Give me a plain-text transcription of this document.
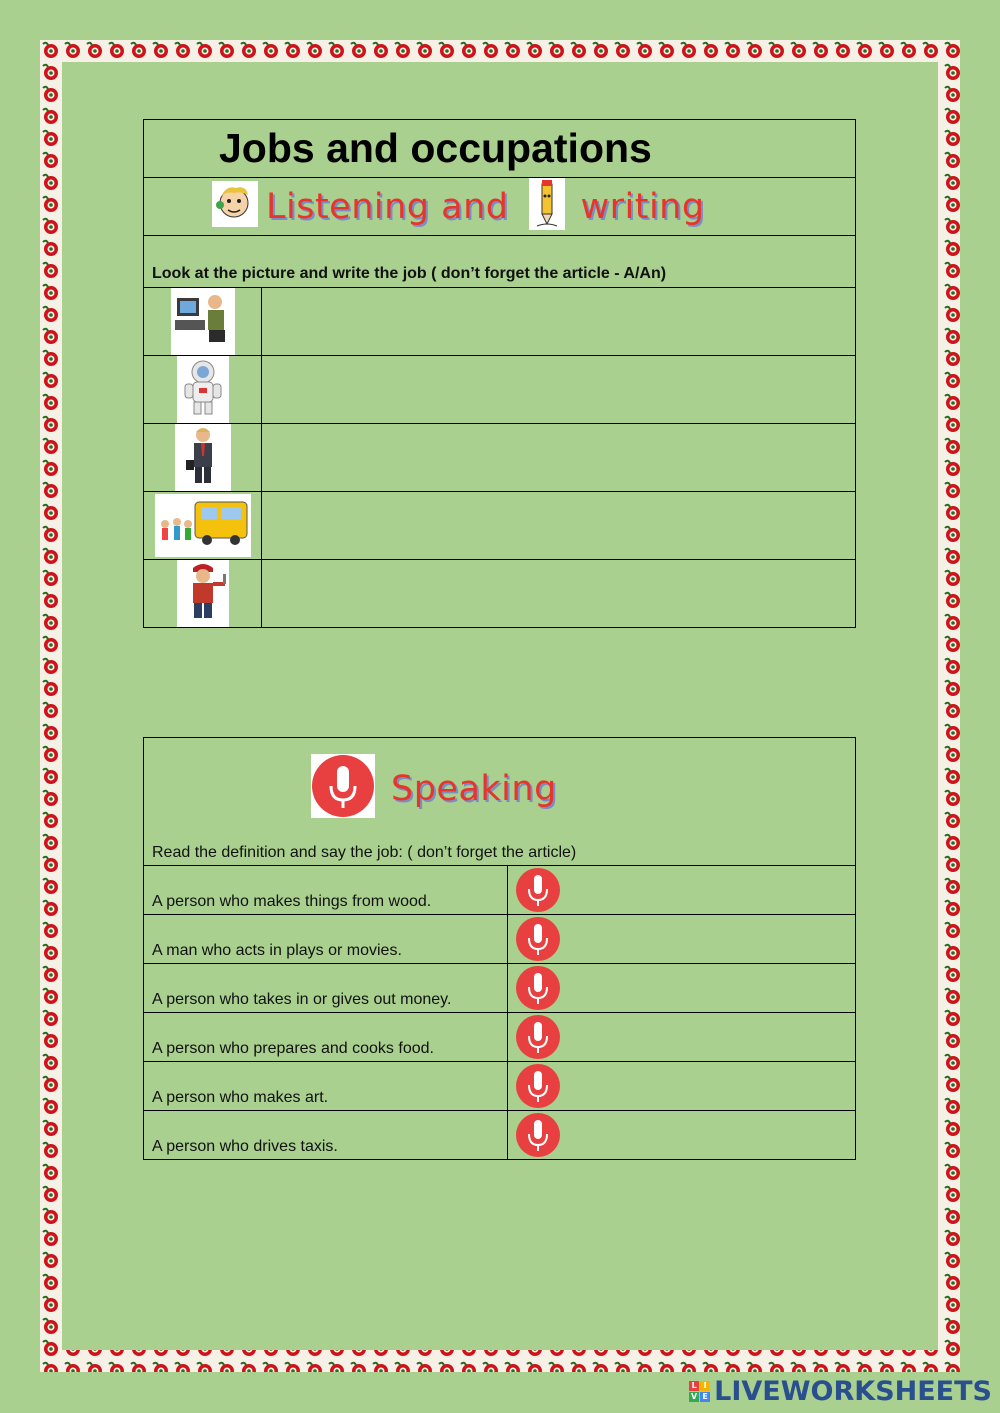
Jobs and occupations	

Listening and writing	

Look at the picture and write the job ( don’t forget the article - A/An)	

Speaking
Read the definition and say the job: ( don’t forget the article)	

A person who makes things from wood.	

A man who acts in plays or movies.	

A person who takes in or gives out money.	

A person who prepares and cooks food.	

A person who makes art.	

A person who drives taxis.	
L I
V E LIVEWORKSHEETS
